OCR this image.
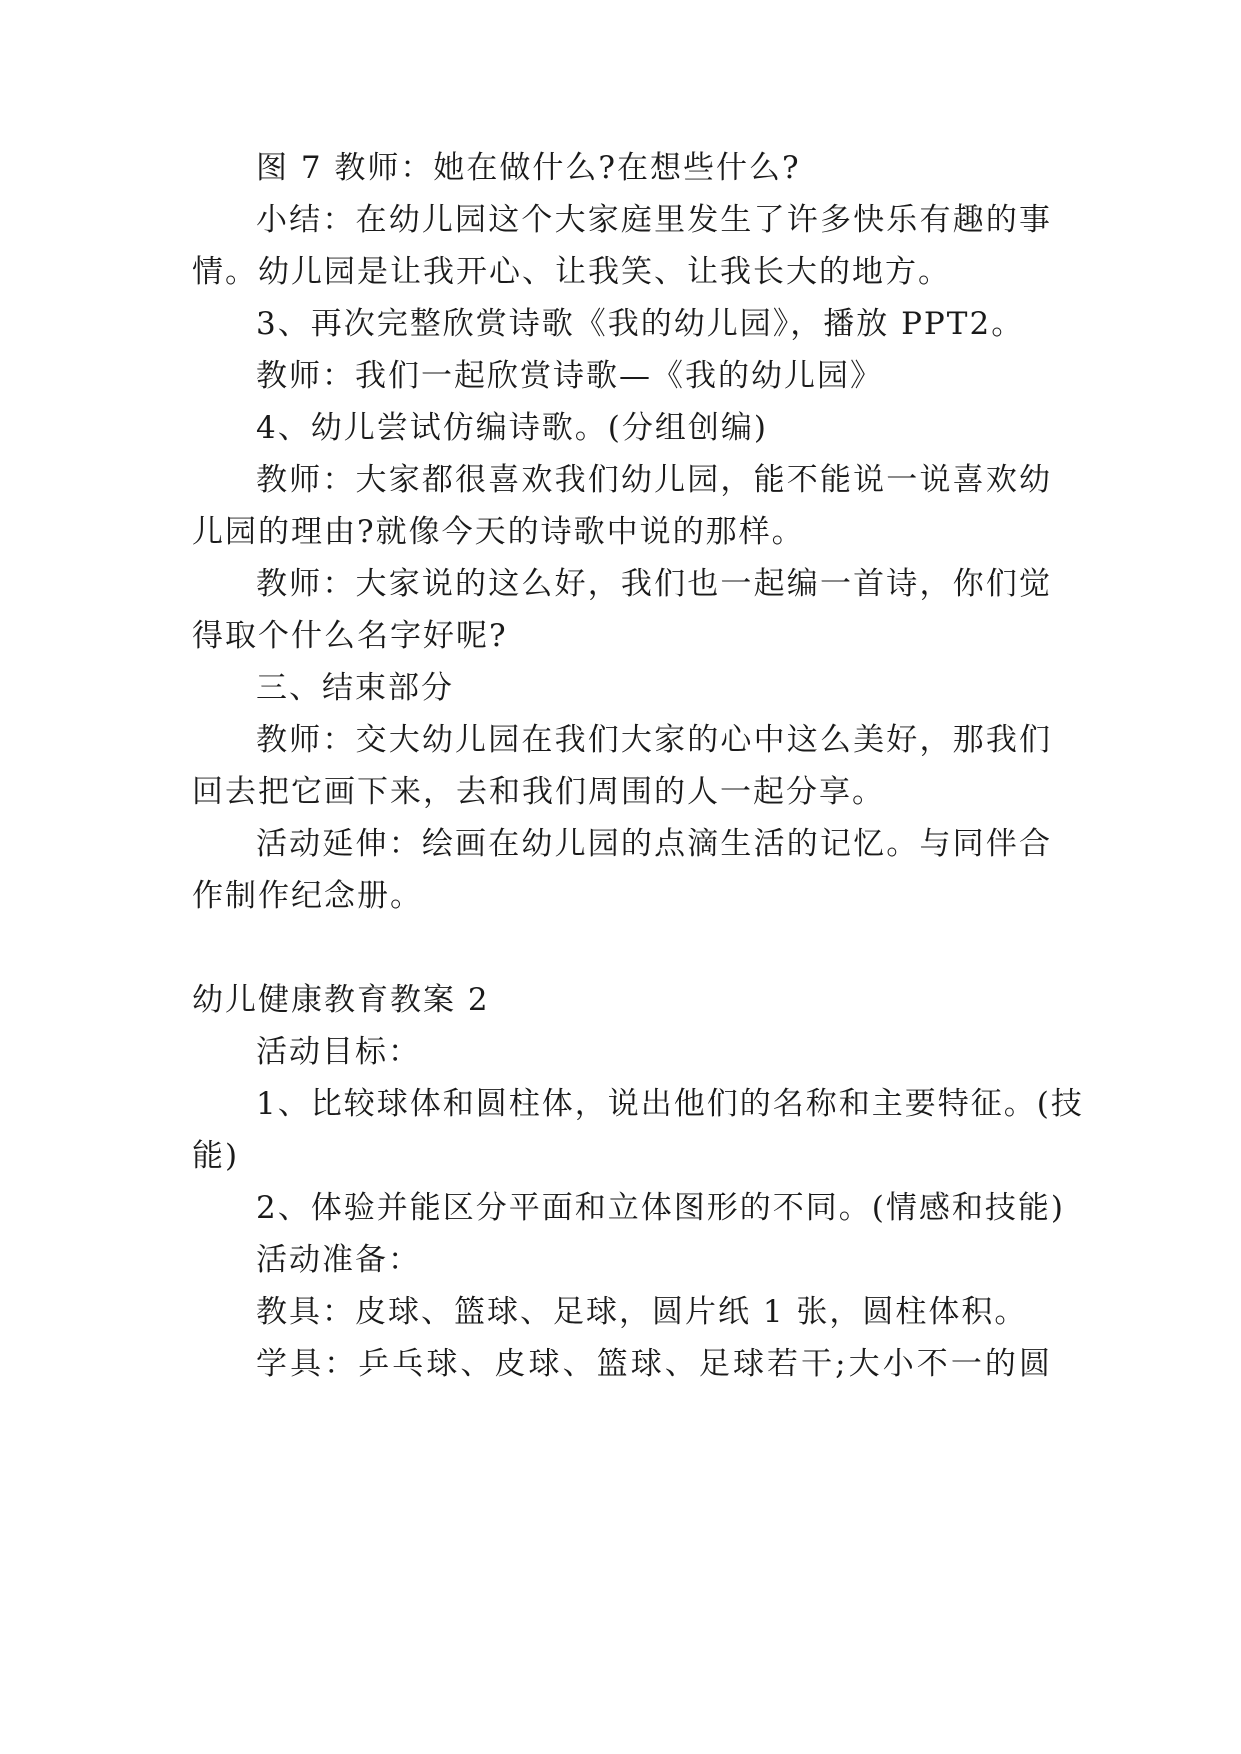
图 7 教师：她在做什么?在想些什么?
小结：在幼儿园这个大家庭里发生了许多快乐有趣的事
情。幼儿园是让我开心、让我笑、让我长大的地方。
3、再次完整欣赏诗歌《我的幼儿园》，播放 PPT2。
教师：我们一起欣赏诗歌—《我的幼儿园》
4、幼儿尝试仿编诗歌。(分组创编)
教师：大家都很喜欢我们幼儿园，能不能说一说喜欢幼
儿园的理由?就像今天的诗歌中说的那样。
教师：大家说的这么好，我们也一起编一首诗，你们觉
得取个什么名字好呢?
三、结束部分
教师：交大幼儿园在我们大家的心中这么美好，那我们
回去把它画下来，去和我们周围的人一起分享。
活动延伸：绘画在幼儿园的点滴生活的记忆。与同伴合
作制作纪念册。
幼儿健康教育教案 2
活动目标：
1、比较球体和圆柱体，说出他们的名称和主要特征。(技
能)
2、体验并能区分平面和立体图形的不同。(情感和技能)
活动准备：
教具：皮球、篮球、足球，圆片纸 1 张，圆柱体积。
学具：乒乓球、皮球、篮球、足球若干;大小不一的圆
